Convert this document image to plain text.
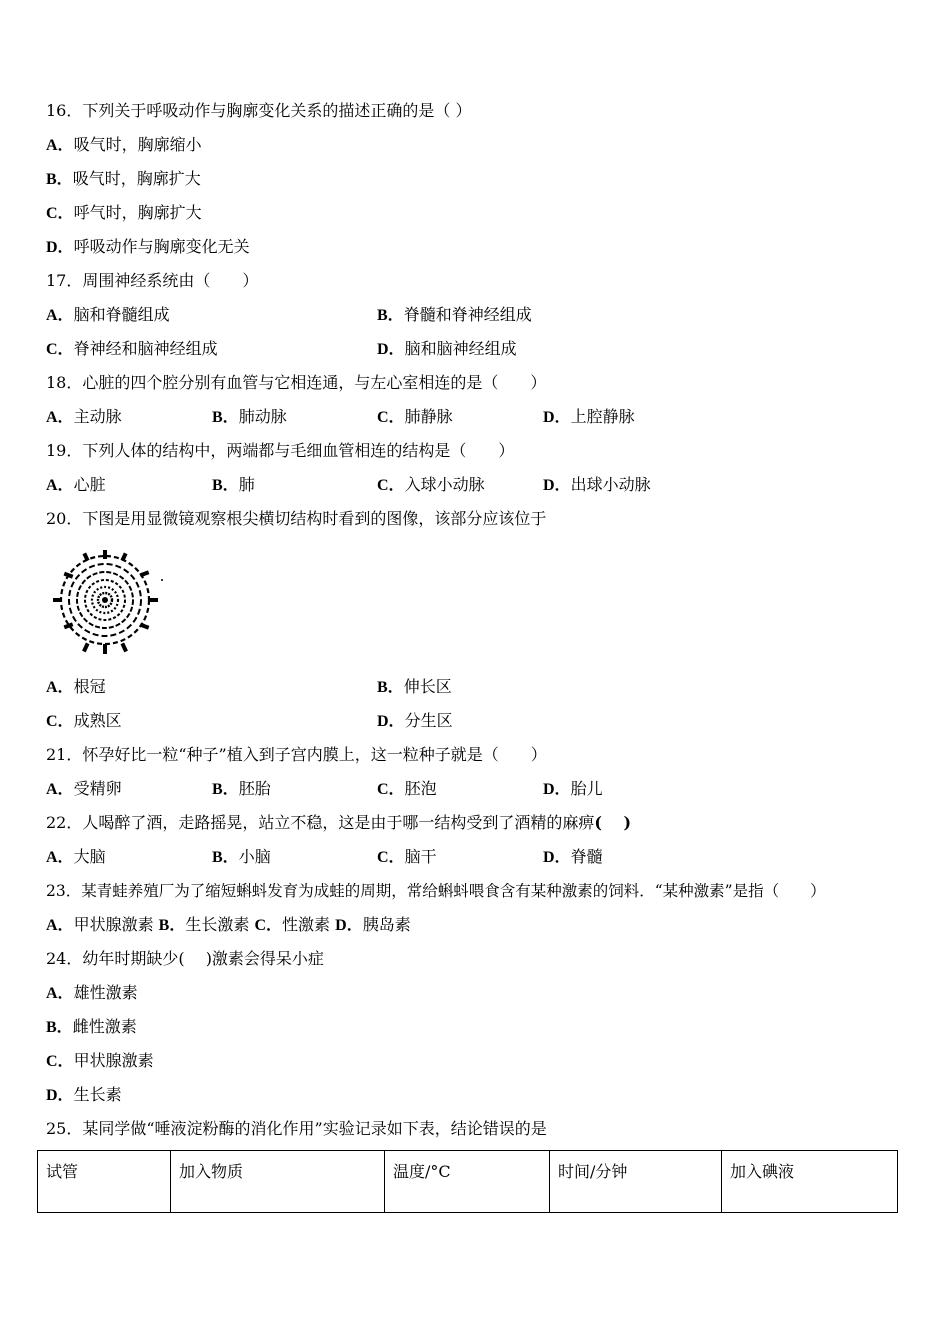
16．下列关于呼吸动作与胸廓变化关系的描述正确的是（ ）
A．吸气时，胸廓缩小
B．吸气时，胸廓扩大
C．呼气时，胸廓扩大
D．呼吸动作与胸廓变化无关
17．周围神经系统由（　　）
A．脑和脊髓组成	B．脊髓和脊神经组成
C．脊神经和脑神经组成	D．脑和脑神经组成
18．心脏的四个腔分别有血管与它相连通，与左心室相连的是（　　）
A．主动脉	B．肺动脉	C．肺静脉	D．上腔静脉
19．下列人体的结构中，两端都与毛细血管相连的结构是（　　）
A．心脏	B．肺	C．入球小动脉	D．出球小动脉
20．下图是用显微镜观察根尖横切结构时看到的图像，该部分应该位于
A．根冠	B．伸长区
C．成熟区	D．分生区
21．怀孕好比一粒“种子”植入到子宫内膜上，这一粒种子就是（　　）
A．受精卵	B．胚胎	C．胚泡	D．胎儿
22．人喝醉了酒，走路摇晃，站立不稳，这是由于哪一结构受到了酒精的麻痹(　 )
A．大脑	B．小脑	C．脑干	D．脊髓
23．某青蛙养殖厂为了缩短蝌蚪发育为成蛙的周期，常给蝌蚪喂食含有某种激素的饲料．“某种激素”是指（　　）
A．甲状腺激素 B．生长激素 C．性激素 D．胰岛素
24．幼年时期缺少(　 )激素会得呆小症
A．雄性激素
B．雌性激素
C．甲状腺激素
D．生长素
25．某同学做“唾液淀粉酶的消化作用”实验记录如下表，结论错误的是
试管	加入物质	温度/°C	时间/分钟	加入碘液
